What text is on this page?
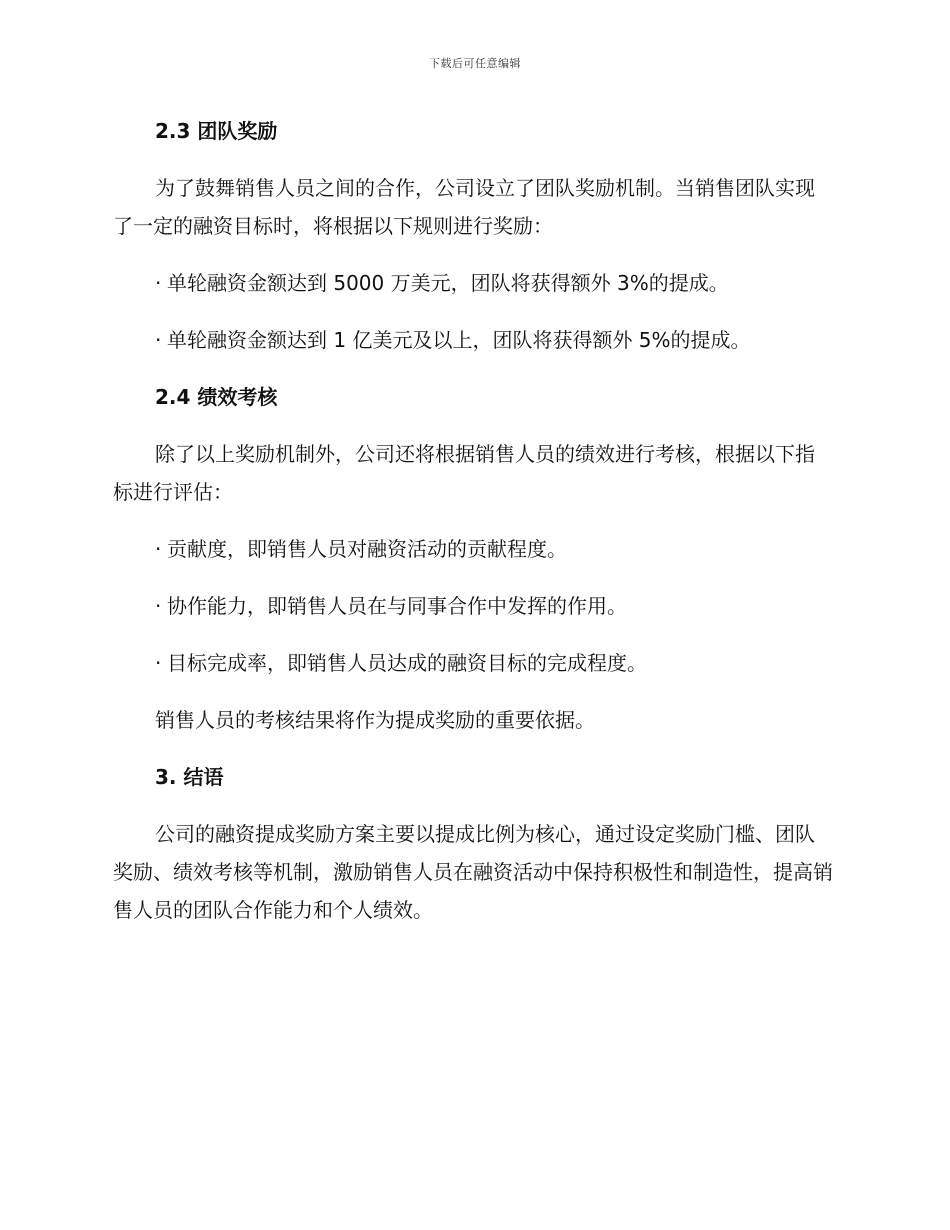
下载后可任意编辑
2.3 团队奖励
为了鼓舞销售人员之间的合作，公司设立了团队奖励机制。当销售团队实现了一定的融资目标时，将根据以下规则进行奖励：
· 单轮融资金额达到 5000 万美元，团队将获得额外 3%的提成。
· 单轮融资金额达到 1 亿美元及以上，团队将获得额外 5%的提成。
2.4 绩效考核
除了以上奖励机制外，公司还将根据销售人员的绩效进行考核，根据以下指标进行评估：
· 贡献度，即销售人员对融资活动的贡献程度。
· 协作能力，即销售人员在与同事合作中发挥的作用。
· 目标完成率，即销售人员达成的融资目标的完成程度。
销售人员的考核结果将作为提成奖励的重要依据。
3. 结语
公司的融资提成奖励方案主要以提成比例为核心，通过设定奖励门槛、团队奖励、绩效考核等机制，激励销售人员在融资活动中保持积极性和制造性，提高销售人员的团队合作能力和个人绩效。
